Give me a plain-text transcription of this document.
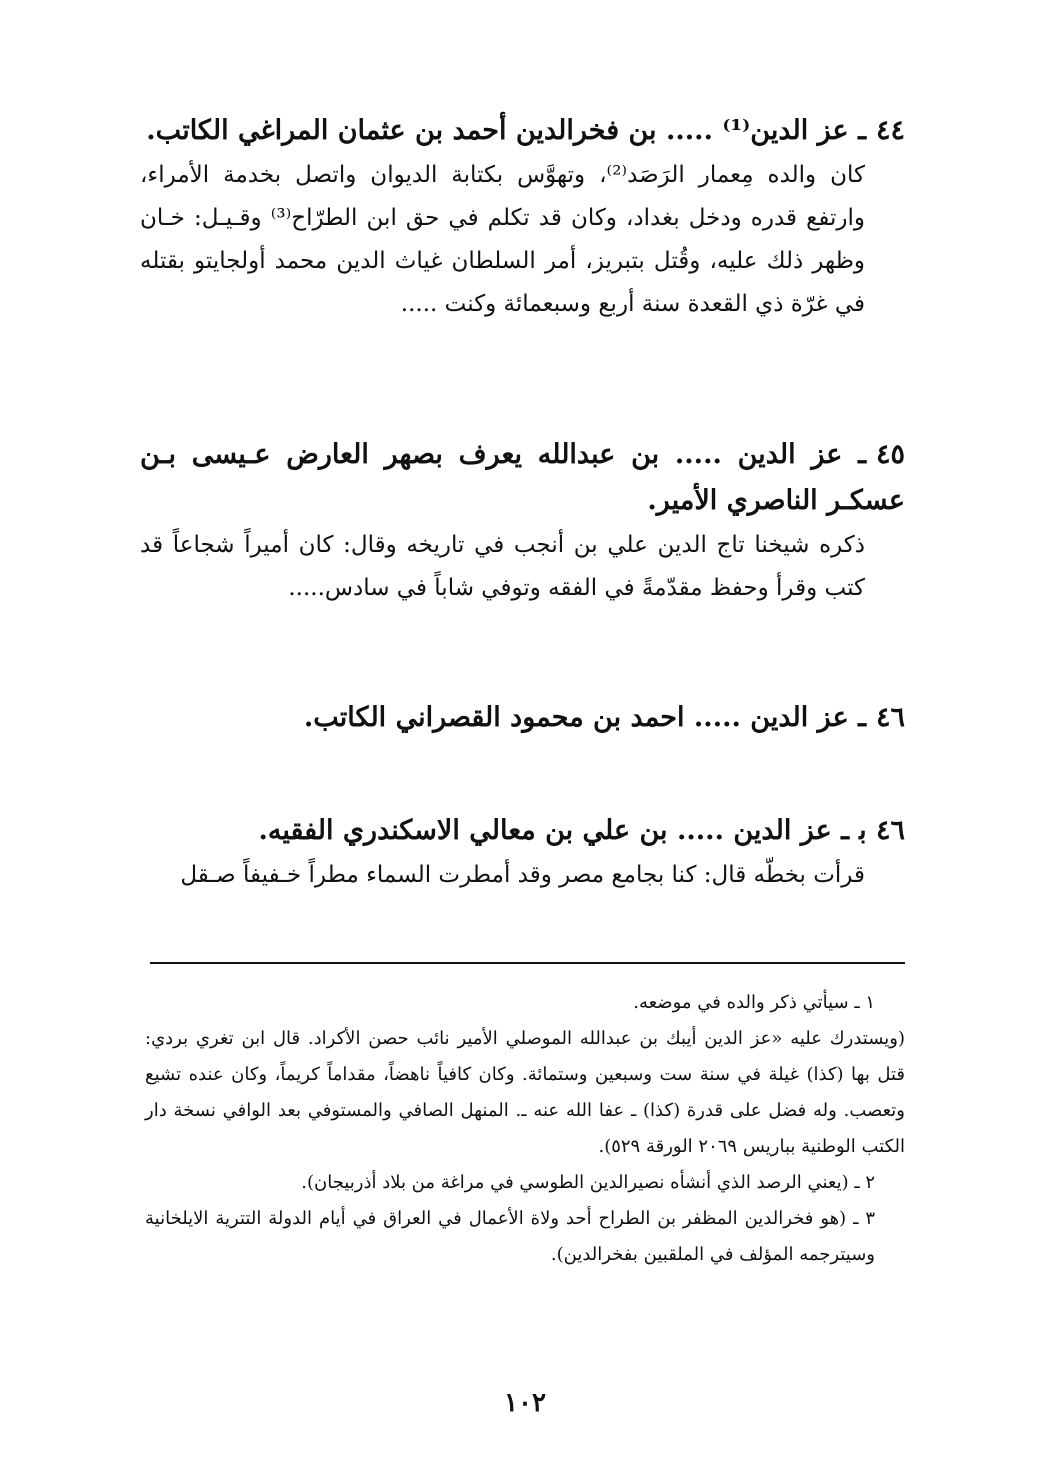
٤٤ـ عز الدين⁽¹⁾ ..... بن فخرالدين أحمد بن عثمان المراغي الكاتب.
كان والده مِعمار الرَصَد⁽²⁾، وتهوَّس بكتابة الديوان واتصل بخدمة الأمراء، وارتفع قدره ودخل بغداد، وكان قد تكلم في حق ابن الطرّاح⁽³⁾ وقـيـل: خـان وظهر ذلك عليه، وقُتل بتبريز، أمر السلطان غياث الدين محمد أولجايتو بقتله في غرّة ذي القعدة سنة أربع وسبعمائة وكنت .....
٤٥ـ عز الدين ..... بن عبدالله يعرف بصهر العارض عـيسى بـن عسكـر الناصري الأمير.
ذكره شيخنا تاج الدين علي بن أنجب في تاريخه وقال: كان أميراً شجاعاً قد كتب وقرأ وحفظ مقدّمةً في الفقه وتوفي شاباً في سادس.....
٤٦ـ عز الدين ..... احمد بن محمود القصراني الكاتب.
٤٦ بـ عز الدين ..... بن علي بن معالي الاسكندري الفقيه.
قرأت بخطّه قال: كنا بجامع مصر وقد أمطرت السماء مطراً خـفيفاً صـقل
١ ـ سيأتي ذكر والده في موضعه.
(ويستدرك عليه «عز الدين أيبك بن عبدالله الموصلي الأمير نائب حصن الأكراد. قال ابن تغري بردي: قتل بها (كذا) غيلة في سنة ست وسبعين وستمائة. وكان كافياً ناهضاً، مقداماً كريماً، وكان عنده تشيع وتعصب. وله فضل على قدرة (كذا) ـ عفا الله عنه ـ. المنهل الصافي والمستوفي بعد الوافي نسخة دار الكتب الوطنية بباريس ٢٠٦٩ الورقة ٥٢٩).
٢ ـ (يعني الرصد الذي أنشأه نصيرالدين الطوسي في مراغة من بلاد أذربيجان).
٣ ـ (هو فخرالدين المظفر بن الطراح أحد ولاة الأعمال في العراق في أيام الدولة التترية الايلخانية وسيترجمه المؤلف في الملقبين بفخرالدين).
١٠٢
